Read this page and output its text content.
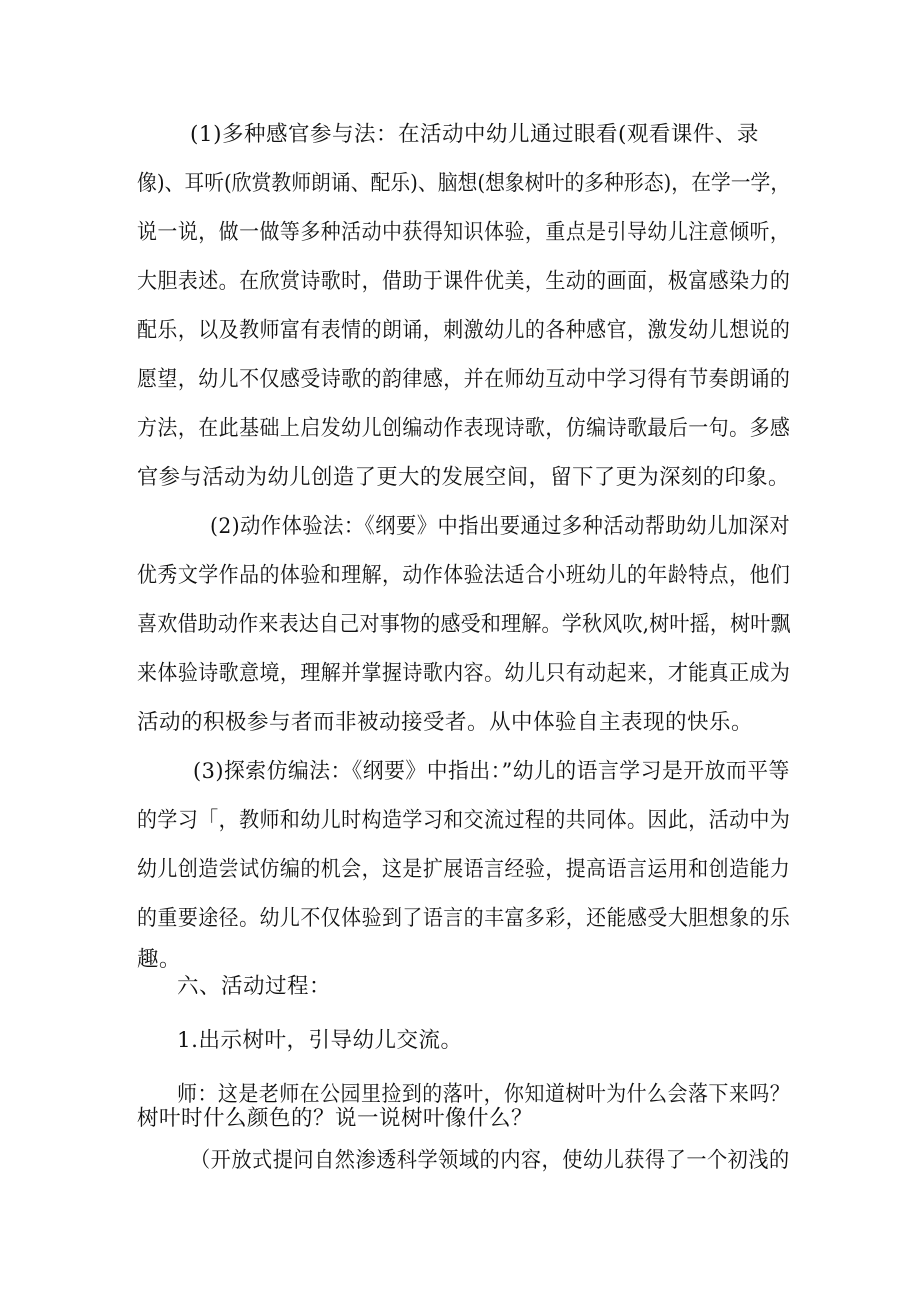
(1)多种感官参与法：在活动中幼儿通过眼看(观看课件、录
像)、耳听(欣赏教师朗诵、配乐)、脑想(想象树叶的多种形态)，在学一学，
说一说，做一做等多种活动中获得知识体验，重点是引导幼儿注意倾听，
大胆表述。在欣赏诗歌时，借助于课件优美，生动的画面，极富感染力的
配乐，以及教师富有表情的朗诵，刺激幼儿的各种感官，激发幼儿想说的
愿望，幼儿不仅感受诗歌的韵律感，并在师幼互动中学习得有节奏朗诵的
方法，在此基础上启发幼儿创编动作表现诗歌，仿编诗歌最后一句。多感
官参与活动为幼儿创造了更大的发展空间，留下了更为深刻的印象。
(2)动作体验法：《纲要》中指出要通过多种活动帮助幼儿加深对
优秀文学作品的体验和理解，动作体验法适合小班幼儿的年龄特点，他们
喜欢借助动作来表达自己对事物的感受和理解。学秋风吹,树叶摇，树叶飘
来体验诗歌意境，理解并掌握诗歌内容。幼儿只有动起来，才能真正成为
活动的积极参与者而非被动接受者。从中体验自主表现的快乐。
(3)探索仿编法：《纲要》中指出：”幼儿的语言学习是开放而平等
的学习「，教师和幼儿时构造学习和交流过程的共同体。因此，活动中为
幼儿创造尝试仿编的机会，这是扩展语言经验，提高语言运用和创造能力
的重要途径。幼儿不仅体验到了语言的丰富多彩，还能感受大胆想象的乐
趣。
六、活动过程：
1.出示树叶，引导幼儿交流。
师：这是老师在公园里捡到的落叶，你知道树叶为什么会落下来吗？
树叶时什么颜色的？说一说树叶像什么？
（开放式提问自然渗透科学领域的内容，使幼儿获得了一个初浅的
